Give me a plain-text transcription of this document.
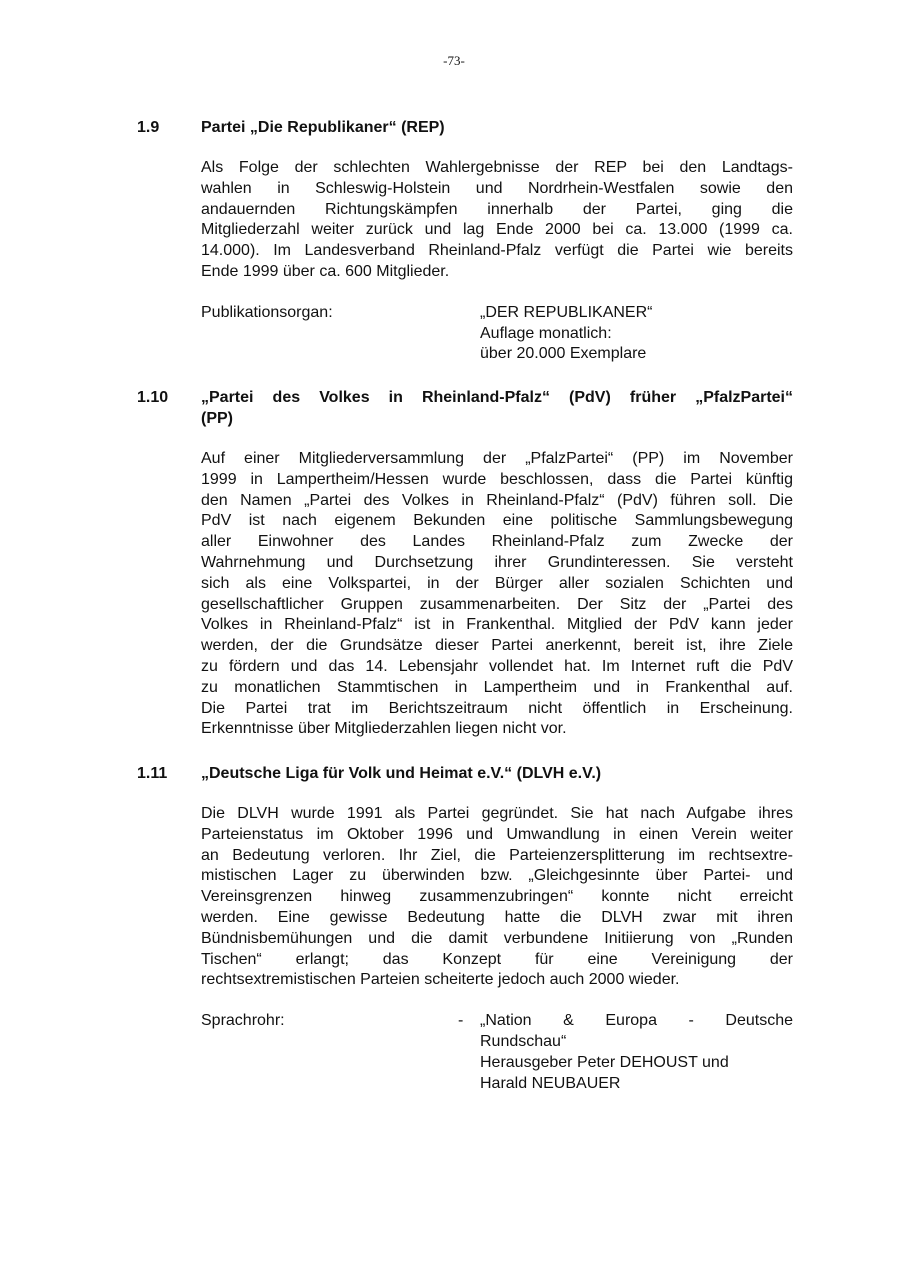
-73-
1.9	Partei „Die Republikaner“ (REP)
Als Folge der schlechten Wahlergebnisse der REP bei den Landtags-
wahlen in Schleswig-Holstein und Nordrhein-Westfalen sowie den
andauernden Richtungskämpfen innerhalb der Partei, ging die
Mitgliederzahl weiter zurück und lag Ende 2000 bei ca. 13.000 (1999 ca.
14.000). Im Landesverband Rheinland-Pfalz verfügt die Partei wie bereits
Ende 1999 über ca. 600 Mitglieder.
Publikationsorgan:	„DER REPUBLIKANER“
Auflage monatlich:
über 20.000 Exemplare
1.10	„Partei des Volkes in Rheinland-Pfalz“ (PdV) früher „PfalzPartei“
(PP)
Auf einer Mitgliederversammlung der „PfalzPartei“ (PP) im November
1999 in Lampertheim/Hessen wurde beschlossen, dass die Partei künftig
den Namen „Partei des Volkes in Rheinland-Pfalz“ (PdV) führen soll. Die
PdV ist nach eigenem Bekunden eine politische Sammlungsbewegung
aller Einwohner des Landes Rheinland-Pfalz zum Zwecke der
Wahrnehmung und Durchsetzung ihrer Grundinteressen. Sie versteht
sich als eine Volkspartei, in der Bürger aller sozialen Schichten und
gesellschaftlicher Gruppen zusammenarbeiten. Der Sitz der „Partei des
Volkes in Rheinland-Pfalz“ ist in Frankenthal. Mitglied der PdV kann jeder
werden, der die Grundsätze dieser Partei anerkennt, bereit ist, ihre Ziele
zu fördern und das 14. Lebensjahr vollendet hat. Im Internet ruft die PdV
zu monatlichen Stammtischen in Lampertheim und in Frankenthal auf.
Die Partei trat im Berichtszeitraum nicht öffentlich in Erscheinung.
Erkenntnisse über Mitgliederzahlen liegen nicht vor.
1.11	„Deutsche Liga für Volk und Heimat e.V.“ (DLVH e.V.)
Die DLVH wurde 1991 als Partei gegründet. Sie hat nach Aufgabe ihres
Parteienstatus im Oktober 1996 und Umwandlung in einen Verein weiter
an Bedeutung verloren. Ihr Ziel, die Parteienzersplitterung im rechtsextre-
mistischen Lager zu überwinden bzw. „Gleichgesinnte über Partei- und
Vereinsgrenzen hinweg zusammenzubringen“ konnte nicht erreicht
werden. Eine gewisse Bedeutung hatte die DLVH zwar mit ihren
Bündnisbemühungen und die damit verbundene Initiierung von „Runden
Tischen“ erlangt; das Konzept für eine Vereinigung der
rechtsextremistischen Parteien scheiterte jedoch auch 2000 wieder.
Sprachrohr:	- „Nation & Europa - Deutsche
Rundschau“
Herausgeber Peter DEHOUST und
Harald NEUBAUER
